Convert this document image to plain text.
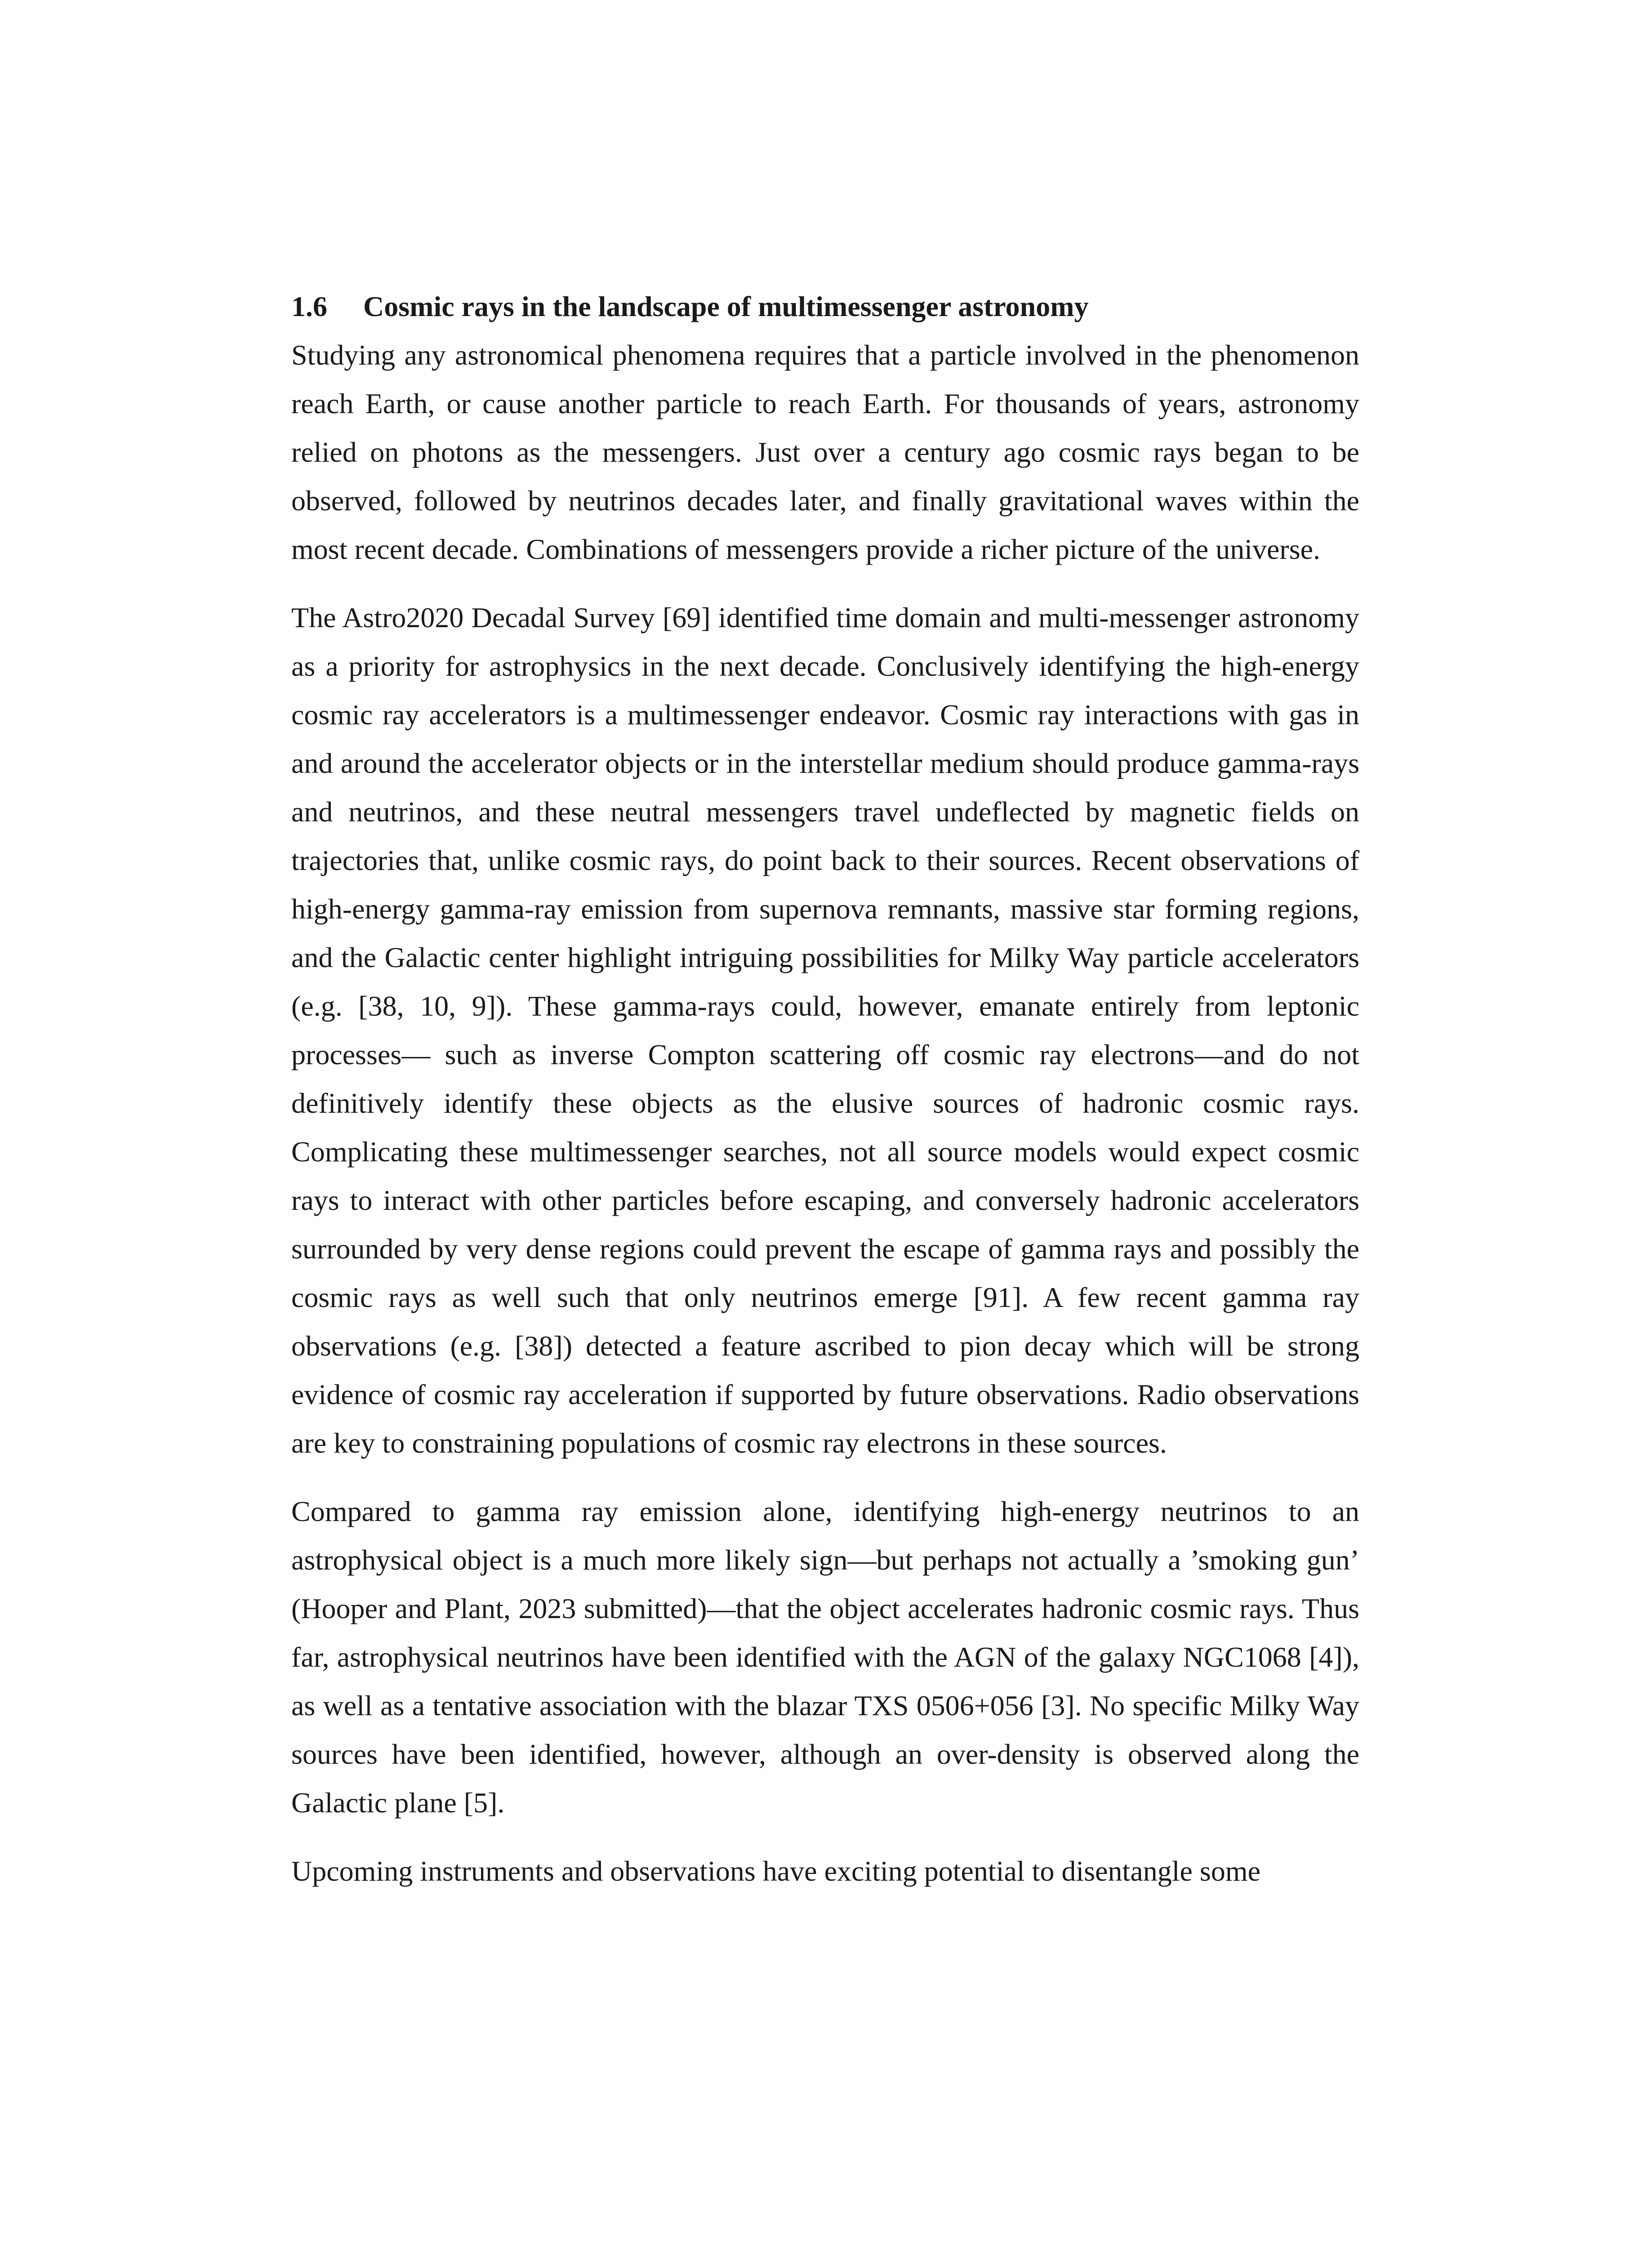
1.6 Cosmic rays in the landscape of multimessenger astronomy

Studying any astronomical phenomena requires that a particle involved in the phenomenon reach Earth, or cause another particle to reach Earth. For thousands of years, astronomy relied on photons as the messengers. Just over a century ago cosmic rays began to be observed, followed by neutrinos decades later, and finally gravitational waves within the most recent decade. Combinations of messengers provide a richer picture of the universe.

The Astro2020 Decadal Survey [69] identified time domain and multi-messenger astronomy as a priority for astrophysics in the next decade. Conclusively identifying the high-energy cosmic ray accelerators is a multimessenger endeavor. Cosmic ray interactions with gas in and around the accelerator objects or in the interstellar medium should produce gamma-rays and neutrinos, and these neutral messengers travel undeflected by magnetic fields on trajectories that, unlike cosmic rays, do point back to their sources. Recent observations of high-energy gamma-ray emission from supernova remnants, massive star forming regions, and the Galactic center highlight intriguing possibilities for Milky Way particle accelerators (e.g. [38, 10, 9]). These gamma-rays could, however, emanate entirely from leptonic processes— such as inverse Compton scattering off cosmic ray electrons—and do not definitively identify these objects as the elusive sources of hadronic cosmic rays. Complicating these multimessenger searches, not all source models would expect cosmic rays to interact with other particles before escaping, and conversely hadronic accelerators surrounded by very dense regions could prevent the escape of gamma rays and possibly the cosmic rays as well such that only neutrinos emerge [91]. A few recent gamma ray observations (e.g. [38]) detected a feature ascribed to pion decay which will be strong evidence of cosmic ray acceleration if supported by future observations. Radio observations are key to constraining populations of cosmic ray electrons in these sources.

Compared to gamma ray emission alone, identifying high-energy neutrinos to an astrophysical object is a much more likely sign—but perhaps not actually a ’smoking gun’ (Hooper and Plant, 2023 submitted)—that the object accelerates hadronic cosmic rays. Thus far, astrophysical neutrinos have been identified with the AGN of the galaxy NGC1068 [4]), as well as a tentative association with the blazar TXS 0506+056 [3]. No specific Milky Way sources have been identified, however, although an over-density is observed along the Galactic plane [5].

Upcoming instruments and observations have exciting potential to disentangle some
